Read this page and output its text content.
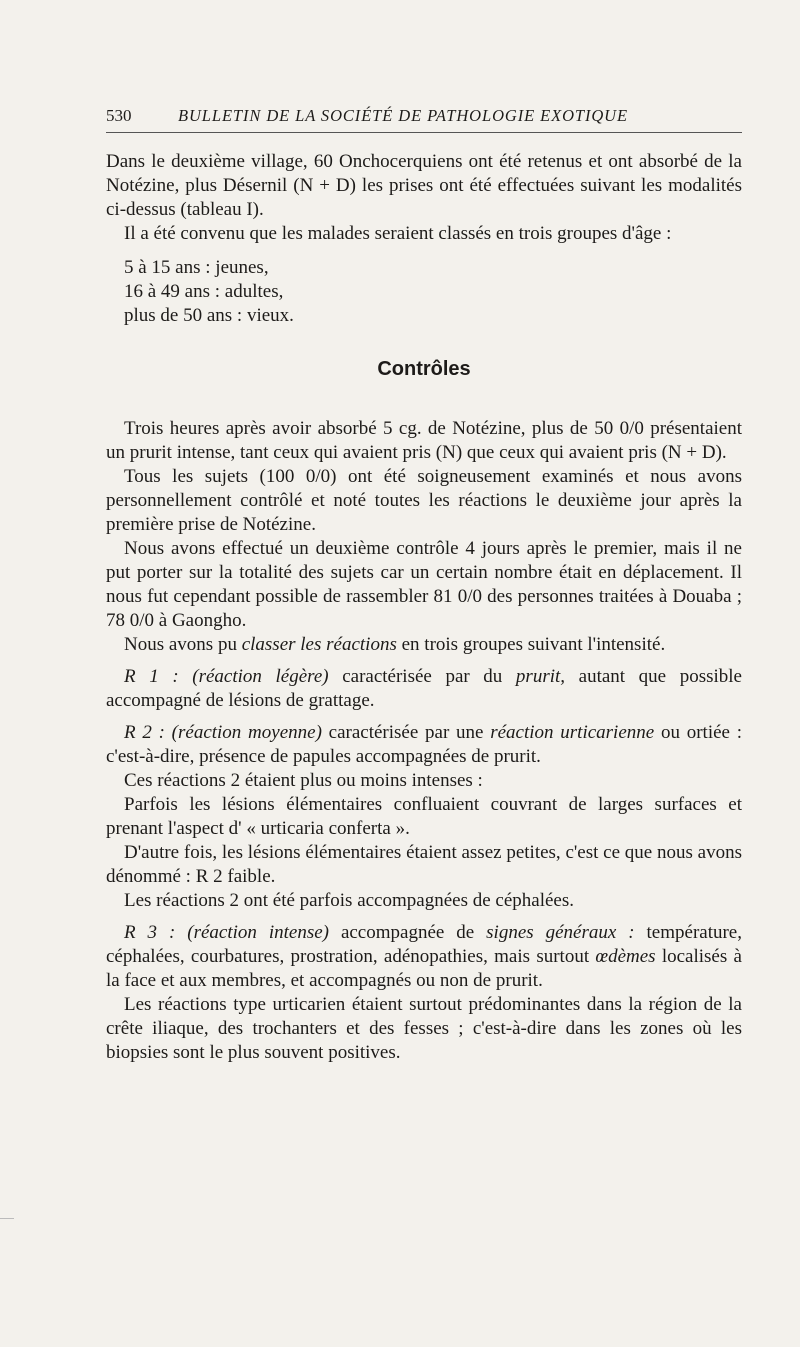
530	BULLETIN DE LA SOCIÉTÉ DE PATHOLOGIE EXOTIQUE

Dans le deuxième village, 60 Onchocerquiens ont été retenus et ont absorbé de la Notézine, plus Désernil (N + D) les prises ont été effectuées suivant les modalités ci-dessus (tableau I).

Il a été convenu que les malades seraient classés en trois groupes d'âge :

5 à 15 ans : jeunes,
16 à 49 ans : adultes,
plus de 50 ans : vieux.
Contrôles

Trois heures après avoir absorbé 5 cg. de Notézine, plus de 50 0/0 présentaient un prurit intense, tant ceux qui avaient pris (N) que ceux qui avaient pris (N + D).

Tous les sujets (100 0/0) ont été soigneusement examinés et nous avons personnellement contrôlé et noté toutes les réactions le deuxième jour après la première prise de Notézine.

Nous avons effectué un deuxième contrôle 4 jours après le premier, mais il ne put porter sur la totalité des sujets car un certain nombre était en déplacement. Il nous fut cependant possible de rassembler 81 0/0 des personnes traitées à Douaba ; 78 0/0 à Gaongho.

Nous avons pu classer les réactions en trois groupes suivant l'intensité.

R 1 : (réaction légère) caractérisée par du prurit, autant que possible accompagné de lésions de grattage.

R 2 : (réaction moyenne) caractérisée par une réaction urticarienne ou ortiée : c'est-à-dire, présence de papules accompagnées de prurit.

Ces réactions 2 étaient plus ou moins intenses :

Parfois les lésions élémentaires confluaient couvrant de larges surfaces et prenant l'aspect d' « urticaria conferta ».

D'autre fois, les lésions élémentaires étaient assez petites, c'est ce que nous avons dénommé : R 2 faible.

Les réactions 2 ont été parfois accompagnées de céphalées.

R 3 : (réaction intense) accompagnée de signes généraux : température, céphalées, courbatures, prostration, adénopathies, mais surtout œdèmes localisés à la face et aux membres, et accompagnés ou non de prurit.

Les réactions type urticarien étaient surtout prédominantes dans la région de la crête iliaque, des trochanters et des fesses ; c'est-à-dire dans les zones où les biopsies sont le plus souvent positives.
